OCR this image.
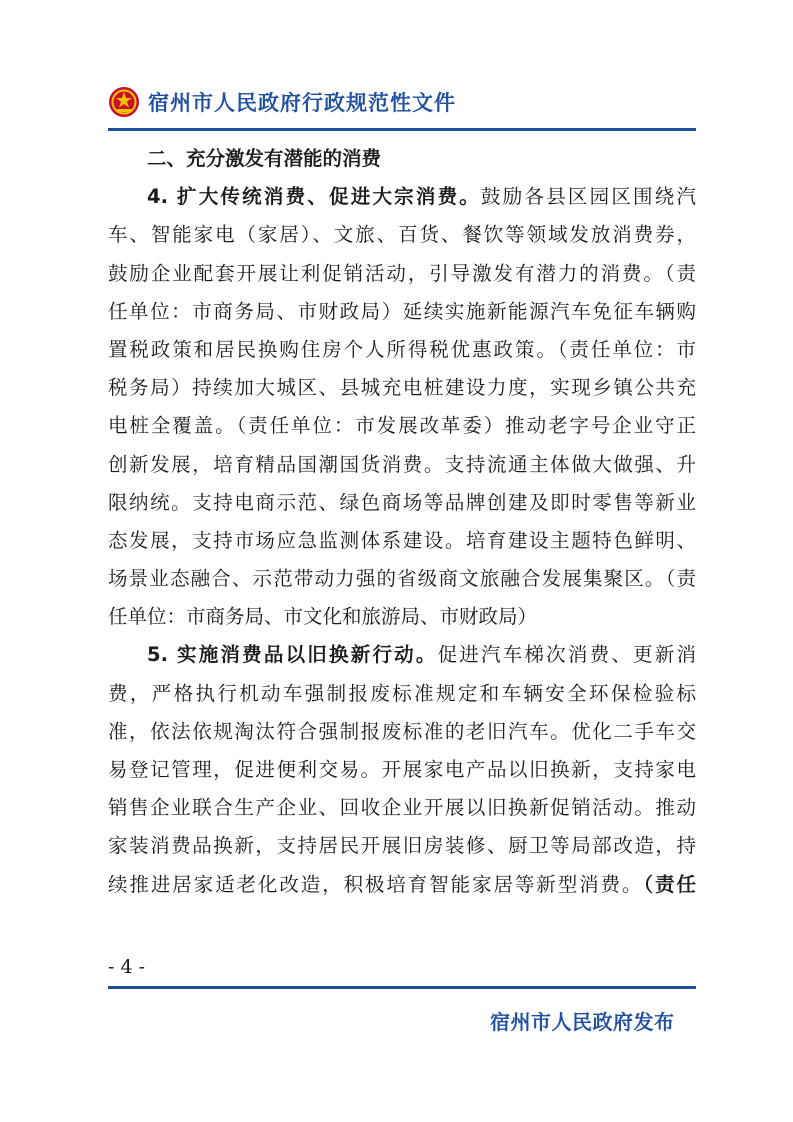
宿州市人民政府行政规范性文件
二、充分激发有潜能的消费
4. 扩大传统消费、促进大宗消费。鼓励各县区园区围绕汽
车、智能家电（家居）、文旅、百货、餐饮等领域发放消费券，
鼓励企业配套开展让利促销活动，引导激发有潜力的消费。（责
任单位：市商务局、市财政局）延续实施新能源汽车免征车辆购
置税政策和居民换购住房个人所得税优惠政策。（责任单位：市
税务局）持续加大城区、县城充电桩建设力度，实现乡镇公共充
电桩全覆盖。（责任单位：市发展改革委）推动老字号企业守正
创新发展，培育精品国潮国货消费。支持流通主体做大做强、升
限纳统。支持电商示范、绿色商场等品牌创建及即时零售等新业
态发展，支持市场应急监测体系建设。培育建设主题特色鲜明、
场景业态融合、示范带动力强的省级商文旅融合发展集聚区。（责
任单位：市商务局、市文化和旅游局、市财政局）
5. 实施消费品以旧换新行动。促进汽车梯次消费、更新消
费，严格执行机动车强制报废标准规定和车辆安全环保检验标
准，依法依规淘汰符合强制报废标准的老旧汽车。优化二手车交
易登记管理，促进便利交易。开展家电产品以旧换新，支持家电
销售企业联合生产企业、回收企业开展以旧换新促销活动。推动
家装消费品换新，支持居民开展旧房装修、厨卫等局部改造，持
续推进居家适老化改造，积极培育智能家居等新型消费。（责任
- 4 -
宿州市人民政府发布
